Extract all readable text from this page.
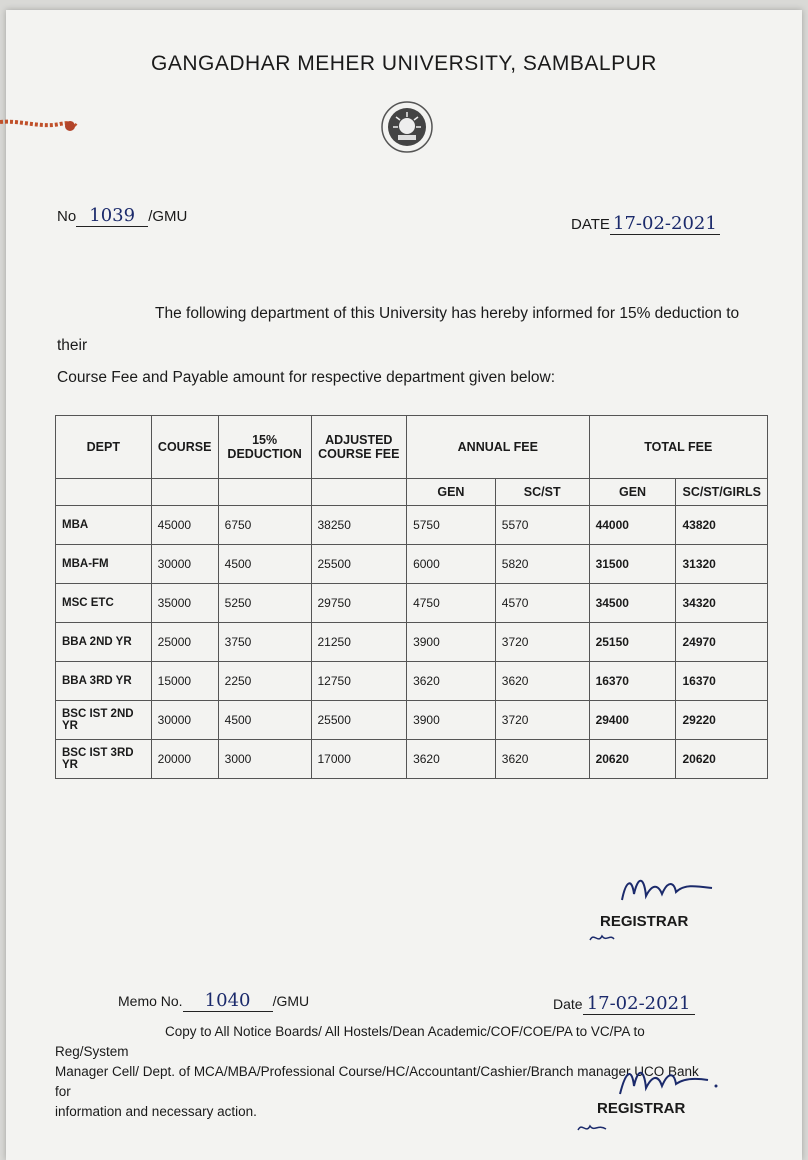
GANGADHAR MEHER UNIVERSITY, SAMBALPUR
No 1039 /GMU	DATE 17-02-2021
The following department of this University has hereby informed for 15% deduction to their
Course Fee and Payable amount for respective department given below:
DEPT	COURSE	15% DEDUCTION	ADJUSTED COURSE FEE	ANNUAL FEE		TOTAL FEE	
				GEN	SC/ST	GEN	SC/ST/GIRLS
MBA	45000	6750	38250	5750	5570	44000	43820
MBA-FM	30000	4500	25500	6000	5820	31500	31320
MSC ETC	35000	5250	29750	4750	4570	34500	34320
BBA 2ND YR	25000	3750	21250	3900	3720	25150	24970
BBA 3RD YR	15000	2250	12750	3620	3620	16370	16370
BSC IST 2ND YR	30000	4500	25500	3900	3720	29400	29220
BSC IST 3RD YR	20000	3000	17000	3620	3620	20620	20620
REGISTRAR
Memo No. 1040 /GMU	Date 17-02-2021
Copy to All Notice Boards/ All Hostels/Dean Academic/COF/COE/PA to VC/PA to Reg/System
Manager Cell/ Dept. of MCA/MBA/Professional Course/HC/Accountant/Cashier/Branch manager UCO Bank for
information and necessary action.	REGISTRAR
